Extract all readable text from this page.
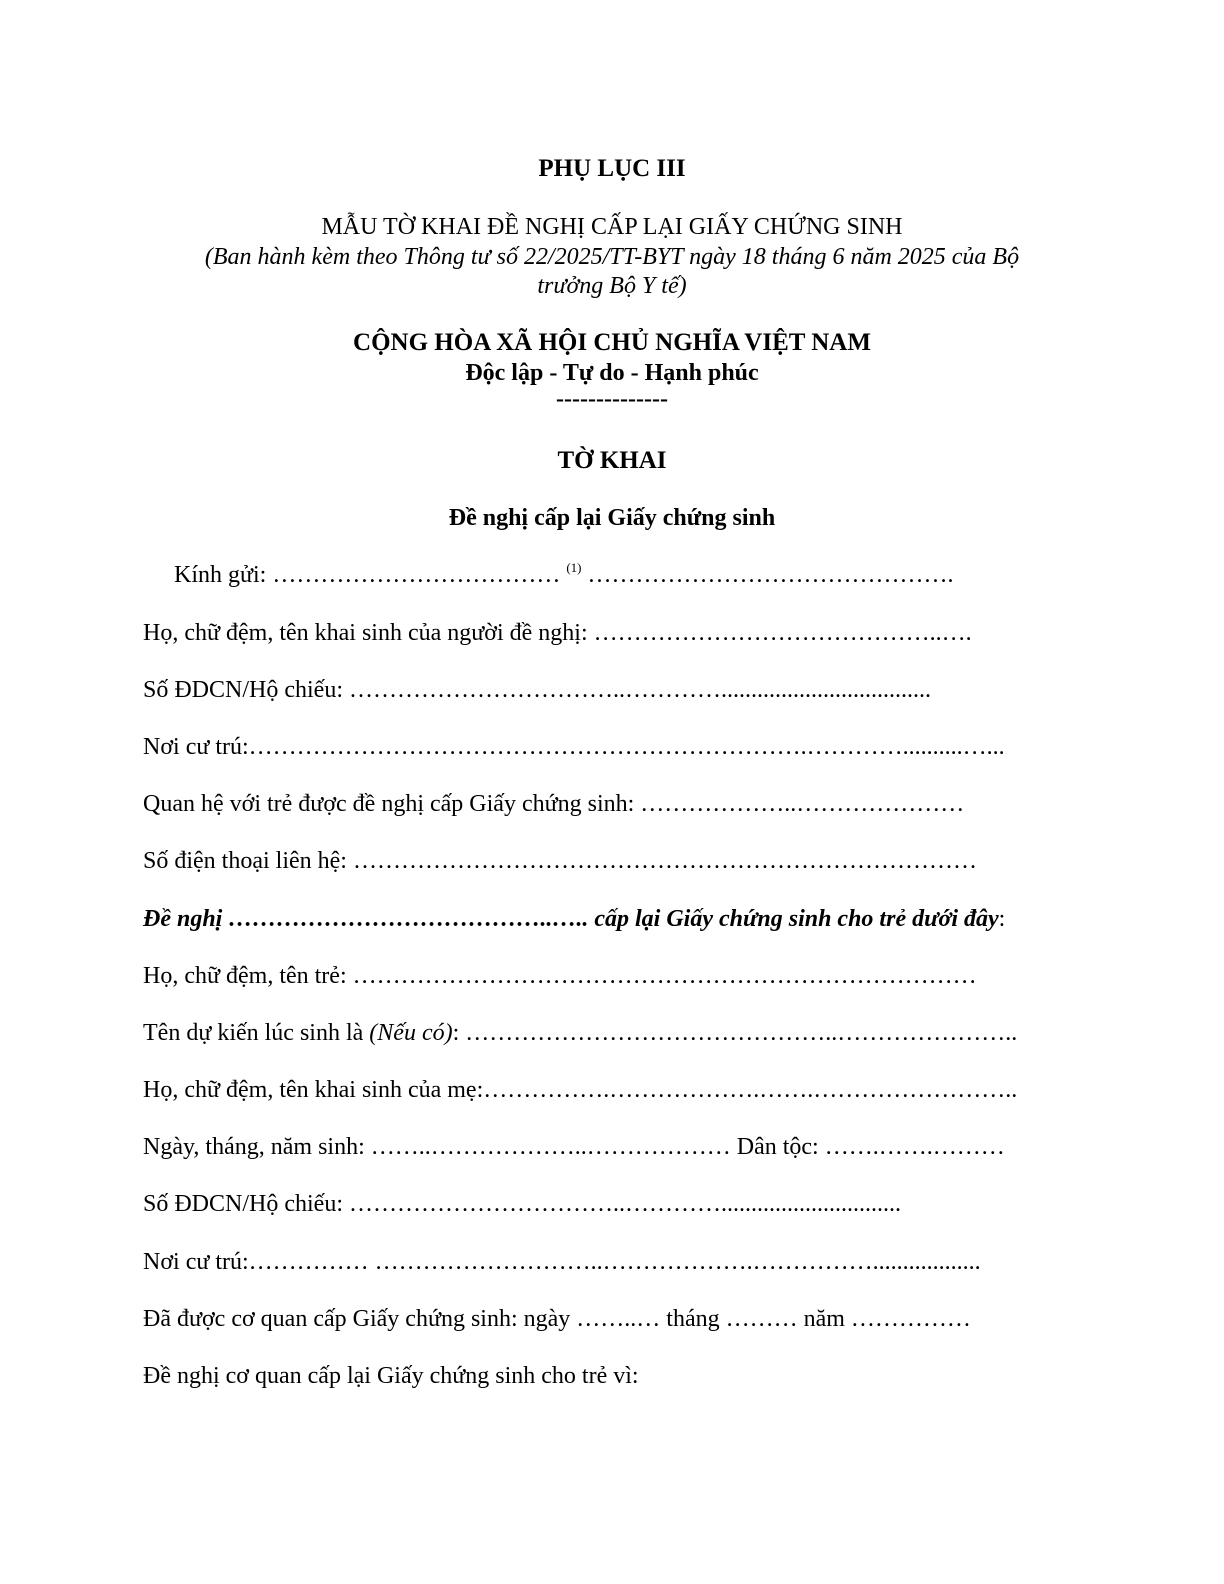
PHỤ LỤC III
MẪU TỜ KHAI ĐỀ NGHỊ CẤP LẠI GIẤY CHỨNG SINH
(Ban hành kèm theo Thông tư số 22/2025/TT-BYT ngày 18 tháng 6 năm 2025 của Bộ
trưởng Bộ Y tế)
CỘNG HÒA XÃ HỘI CHỦ NGHĨA VIỆT NAM
Độc lập - Tự do - Hạnh phúc
--------------
TỜ KHAI
Đề nghị cấp lại Giấy chứng sinh
Kính gửi: ……………………………… $^{(1)}$ ……………………………………….
Họ, chữ đệm, tên khai sinh của người đề nghị: ……………………………………..….
Số ĐDCN/Hộ chiếu: ……………………………..…………...................................
Nơi cư trú:…………………………………………………………….…………..........…...
Quan hệ với trẻ được đề nghị cấp Giấy chứng sinh: ………………..…………………
Số điện thoại liên hệ: ……………………………………………………………………
Đề nghị …………………………………..….. cấp lại Giấy chứng sinh cho trẻ dưới đây:
Họ, chữ đệm, tên trẻ: ……………………………………………………………………
Tên dự kiến lúc sinh là (Nếu có): ………………………………………..…………………..
Họ, chữ đệm, tên khai sinh của mẹ:…………….……………….…….……………………..
Ngày, tháng, năm sinh: ……..………………..……………… Dân tộc: …….…….………
Số ĐDCN/Hộ chiếu: ……………………………..…………..............................
Nơi cư trú:…………… ………………………..……………….……………..................
Đã được cơ quan cấp Giấy chứng sinh: ngày ……..… tháng ……… năm ……………
Đề nghị cơ quan cấp lại Giấy chứng sinh cho trẻ vì:
